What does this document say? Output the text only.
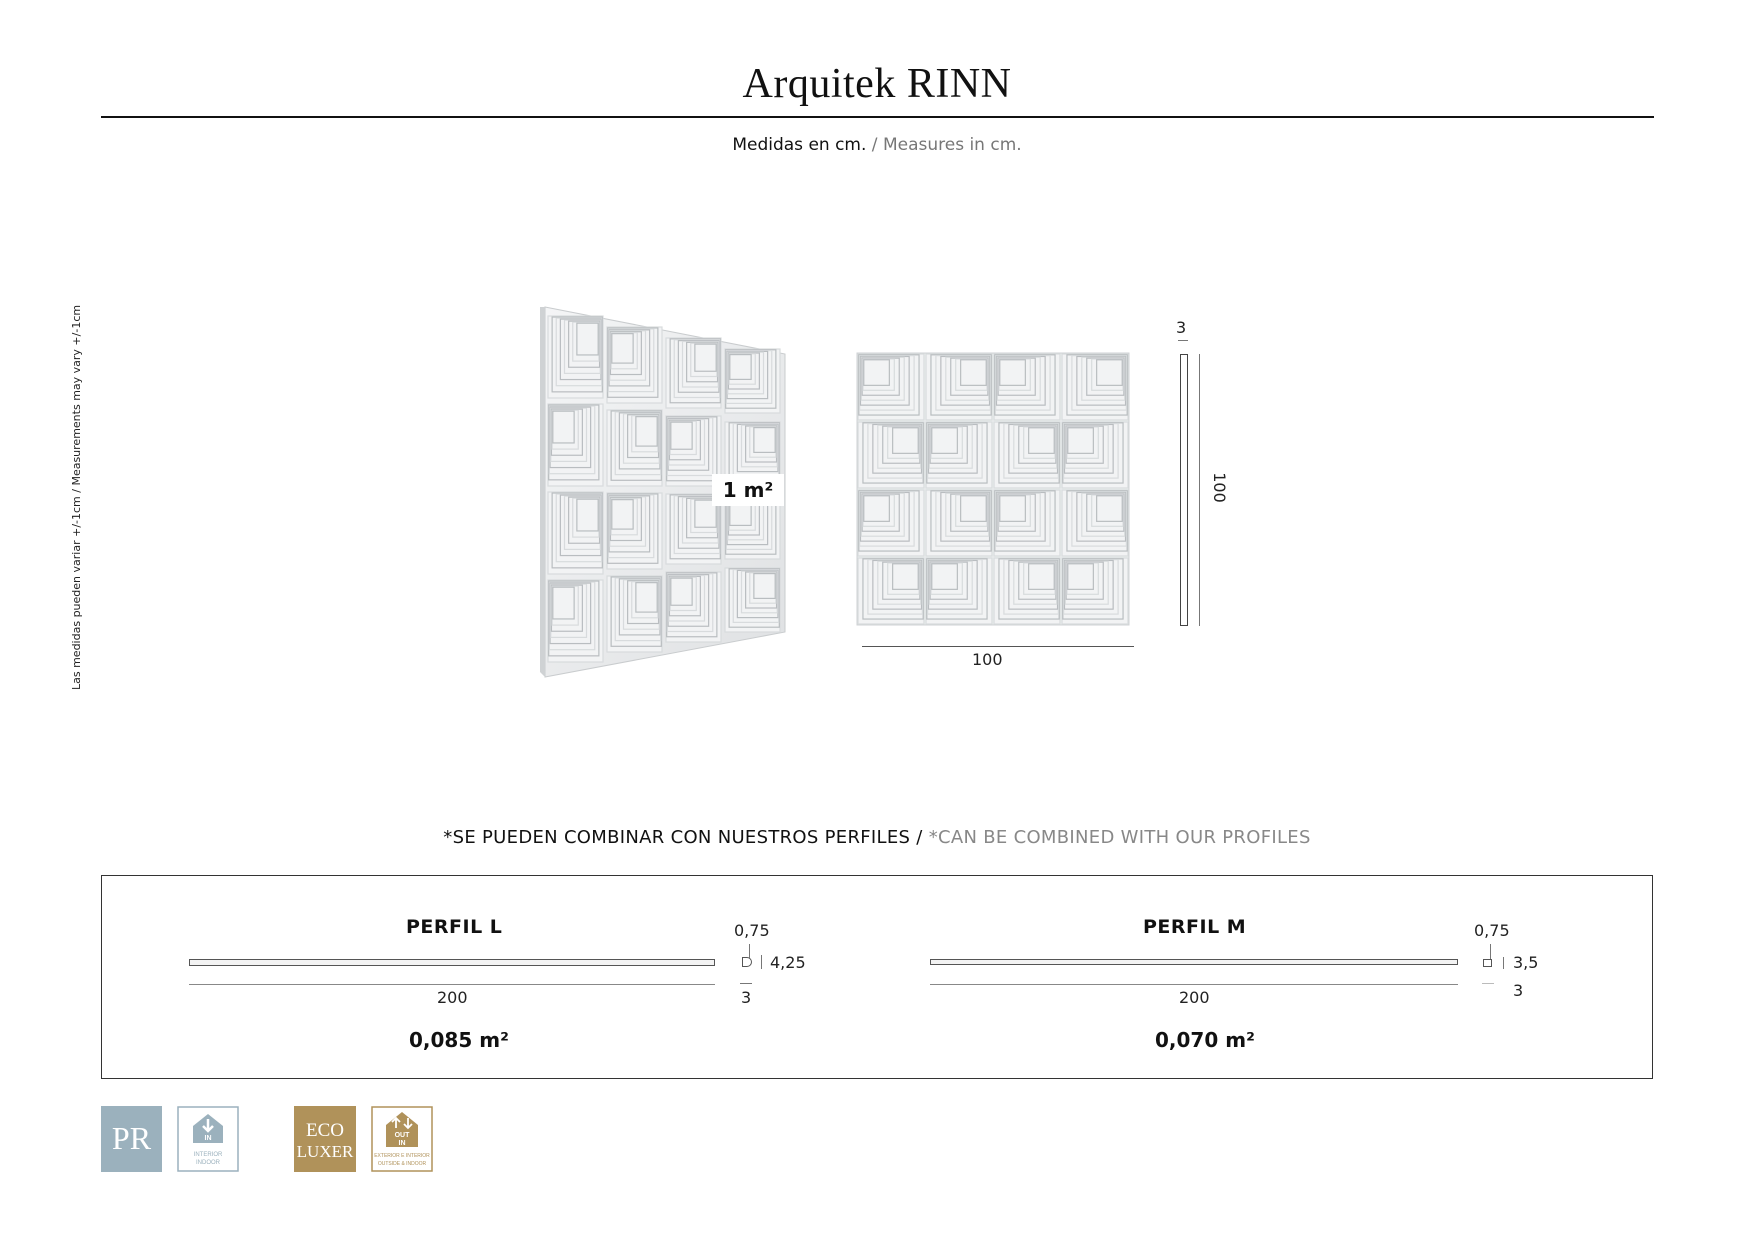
Arquitek RINN
Medidas en cm. / Measures in cm.
Las medidas pueden variar +/-1cm / Measurements may vary +/-1cm	1 m²
100
3
100
*SE PUEDEN COMBINAR CON NUESTROS PERFILES / *CAN BE COMBINED WITH OUR PROFILES
PERFIL L
200
0,75
4,25
3
0,085 m²
PERFIL M
200
0,75
3,5
3
0,070 m²
PR	IN
INTERIOR
INDOOR
ECO
LUXER
OUT
IN
EXTERIOR E INTERIOR
OUTSIDE & INDOOR
